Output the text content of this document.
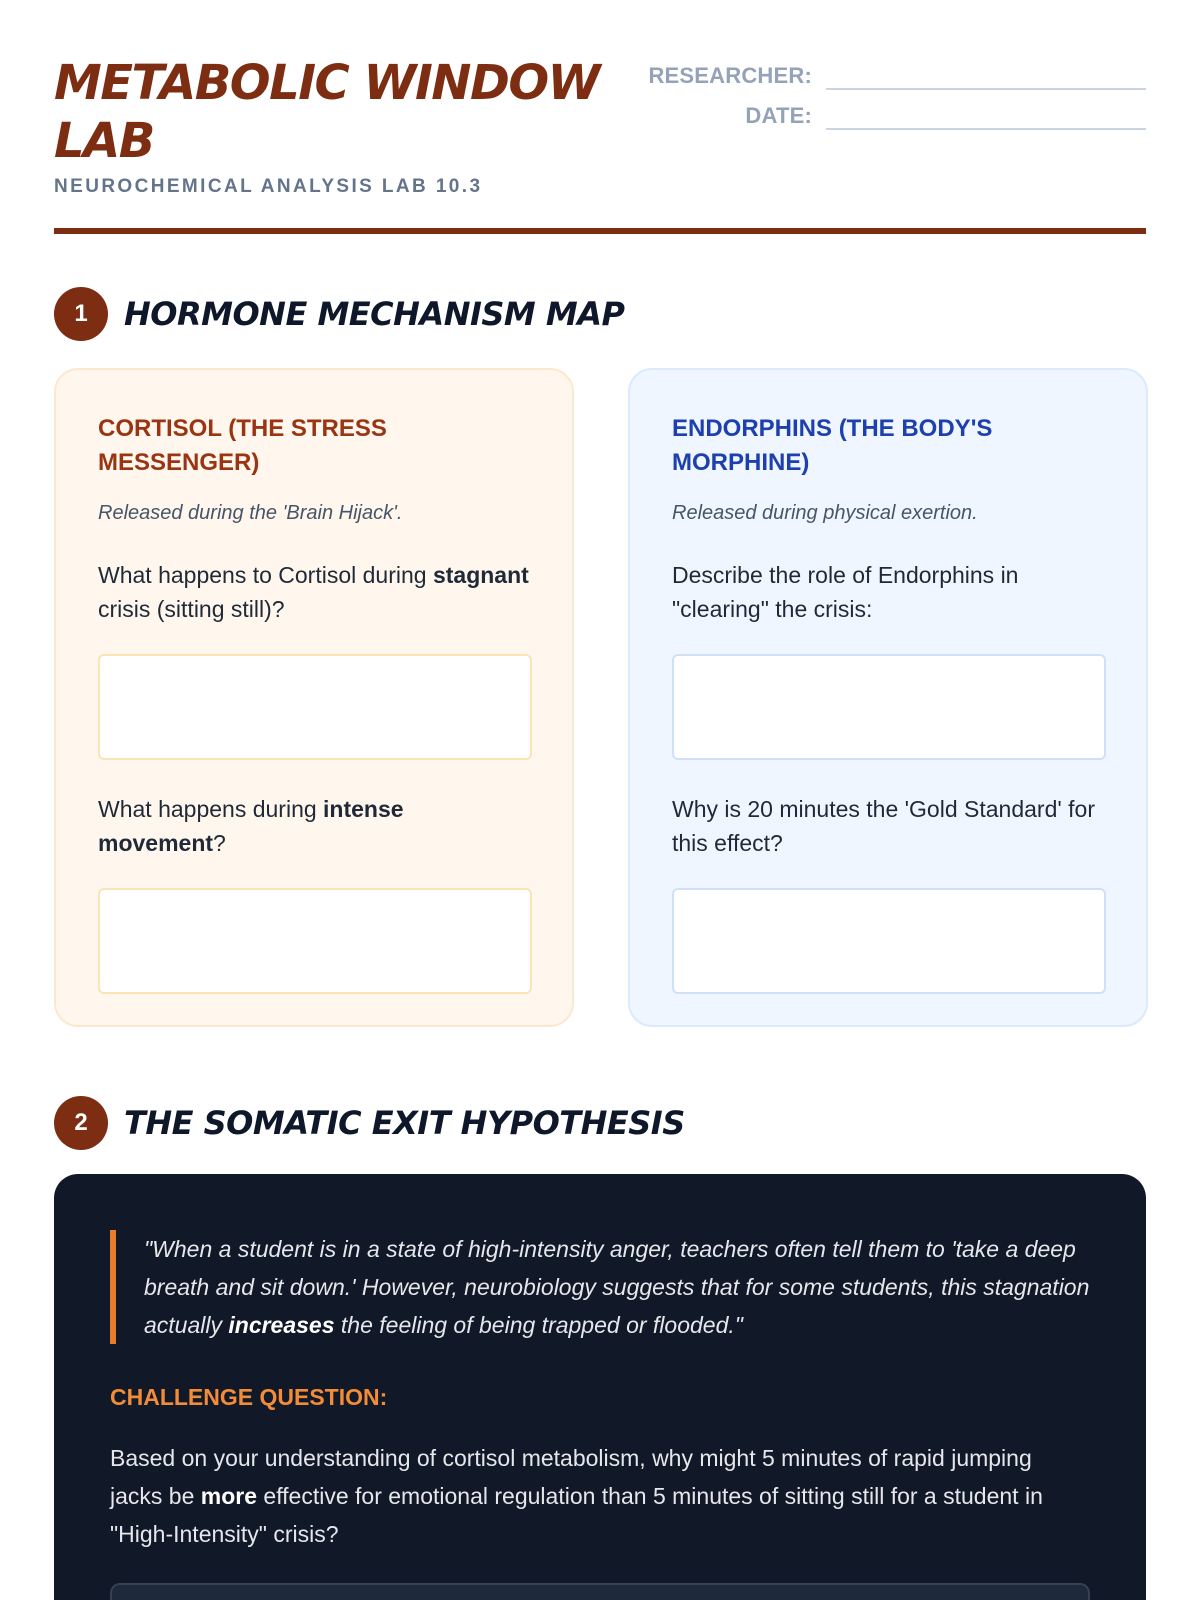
METABOLIC WINDOW LAB
NEUROCHEMICAL ANALYSIS LAB 10.3
RESEARCHER:
DATE:
1	HORMONE MECHANISM MAP
CORTISOL (THE STRESS MESSENGER)
Released during the 'Brain Hijack'.
What happens to Cortisol during stagnant crisis (sitting still)?
What happens during intense movement?
ENDORPHINS (THE BODY'S MORPHINE)
Released during physical exertion.
Describe the role of Endorphins in "clearing" the crisis:
Why is 20 minutes the 'Gold Standard' for this effect?
2	THE SOMATIC EXIT HYPOTHESIS
"When a student is in a state of high-intensity anger, teachers often tell them to 'take a deep breath and sit down.' However, neurobiology suggests that for some students, this stagnation actually increases the feeling of being trapped or flooded."
CHALLENGE QUESTION:
Based on your understanding of cortisol metabolism, why might 5 minutes of rapid jumping jacks be more effective for emotional regulation than 5 minutes of sitting still for a student in "High-Intensity" crisis?
